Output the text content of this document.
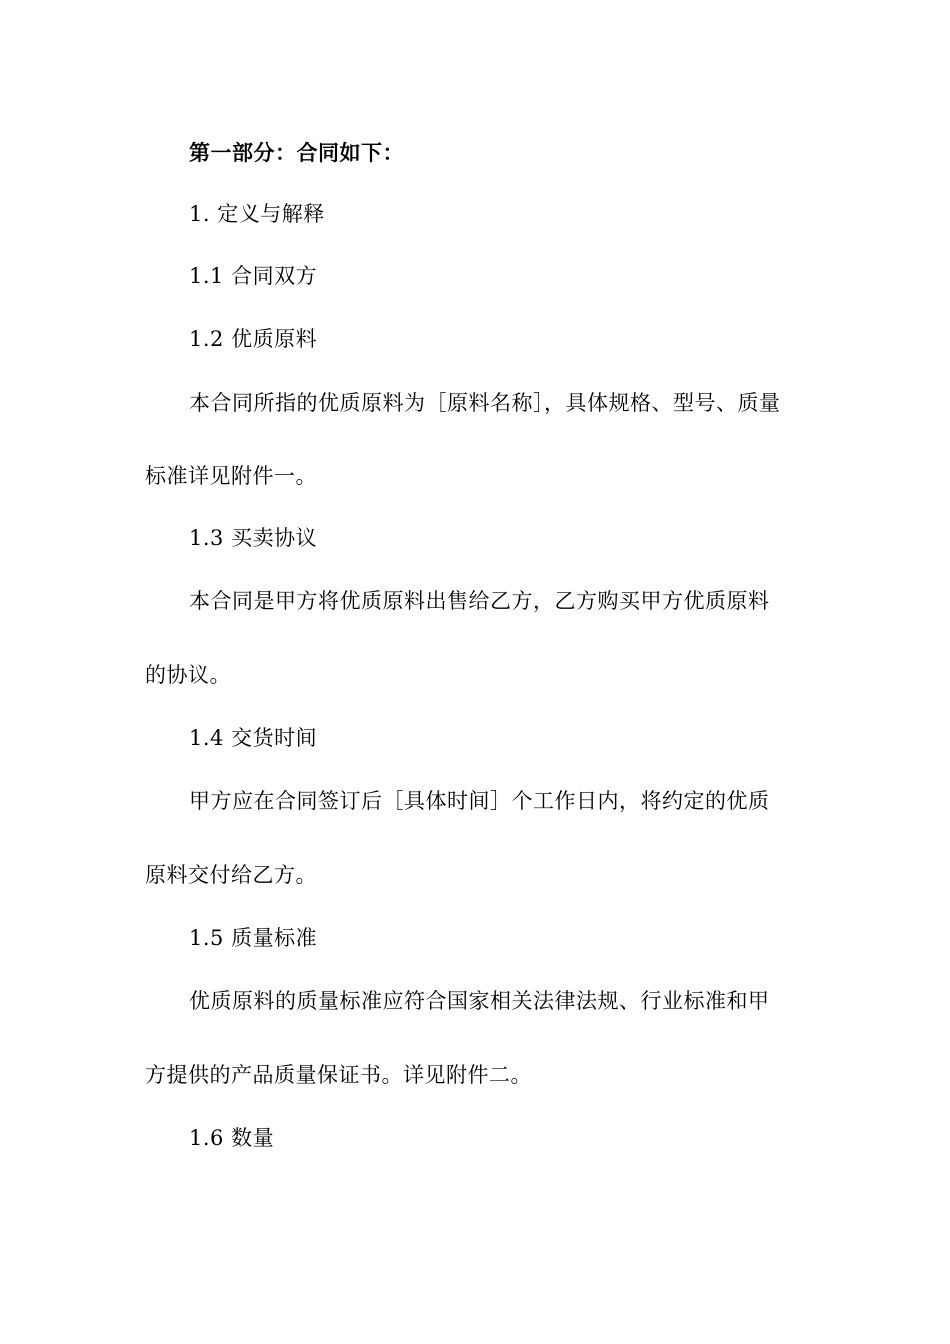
第一部分：合同如下：
1. 定义与解释
1.1 合同双方
1.2 优质原料
本合同所指的优质原料为［原料名称］，具体规格、型号、质量
标准详见附件一。
1.3 买卖协议
本合同是甲方将优质原料出售给乙方，乙方购买甲方优质原料
的协议。
1.4 交货时间
甲方应在合同签订后［具体时间］个工作日内，将约定的优质
原料交付给乙方。
1.5 质量标准
优质原料的质量标准应符合国家相关法律法规、行业标准和甲
方提供的产品质量保证书。详见附件二。
1.6 数量
